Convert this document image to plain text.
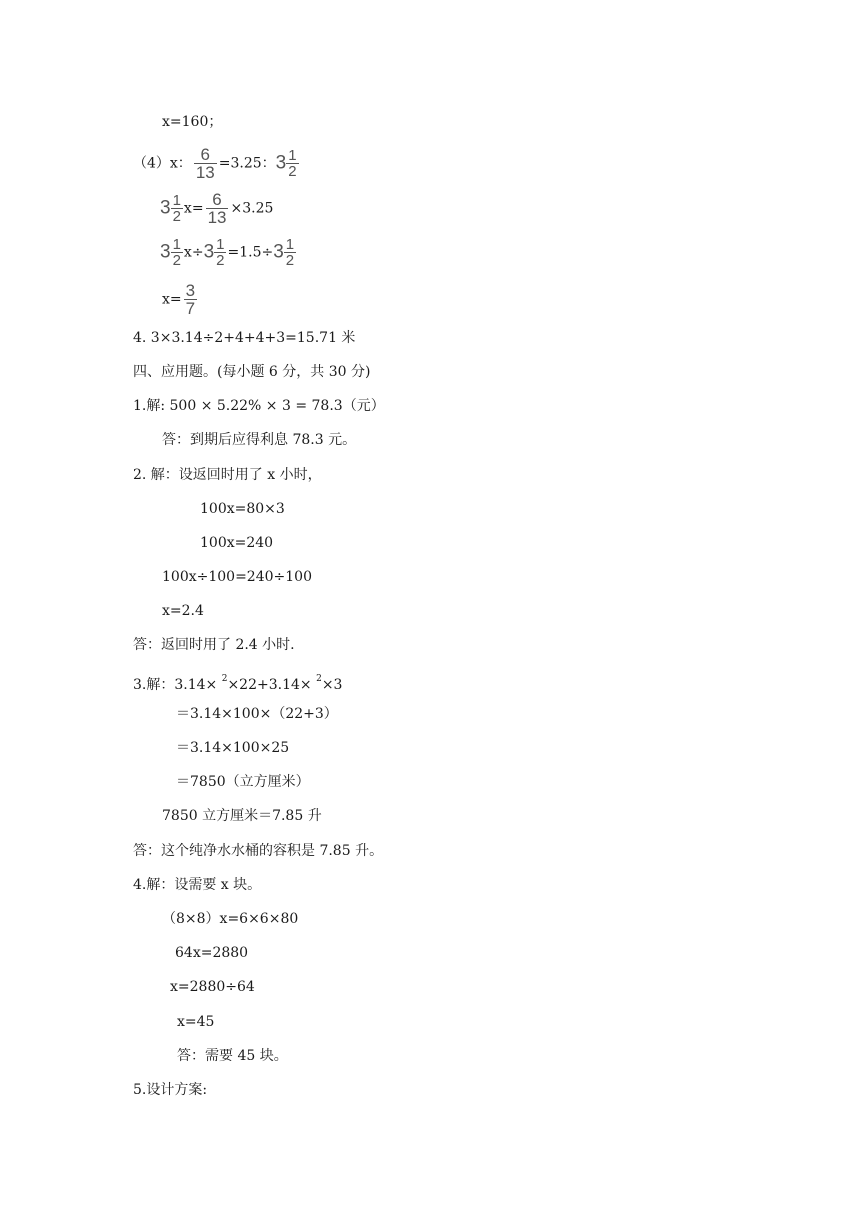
x=160；
（4）x： $\frac{6}{13} =3.25$：$3 \frac{1}{2}$
$3 \frac{1}{2} x= \frac{6}{13} \times 3.25$
$3 \frac{1}{2} x\div 3 \frac{1}{2} =1.5\div 3 \frac{1}{2}$
$x= \frac{3}{7}$
4. 3×3.14÷2+4+4+3=15.71 米
四、应用题。(每小题 6 分，共 30 分)
1.解: 500 × 5.22% × 3 = 78.3（元）
答：到期后应得利息 78.3 元。
2. 解：设返回时用了 x 小时，
100x=80×3
100x=240
100x÷100=240÷100
x=2.4
答：返回时用了 2.4 小时.
3.解：3.14× $^2$×22+3.14× $^2$×3
＝3.14×100×（22+3）
＝3.14×100×25
＝7850（立方厘米）
7850 立方厘米＝7.85 升
答：这个纯净水水桶的容积是 7.85 升。
4.解：设需要 x 块。
（8×8）x=6×6×80
64x=2880
x=2880÷64
x=45
答：需要 45 块。
5.设计方案:
